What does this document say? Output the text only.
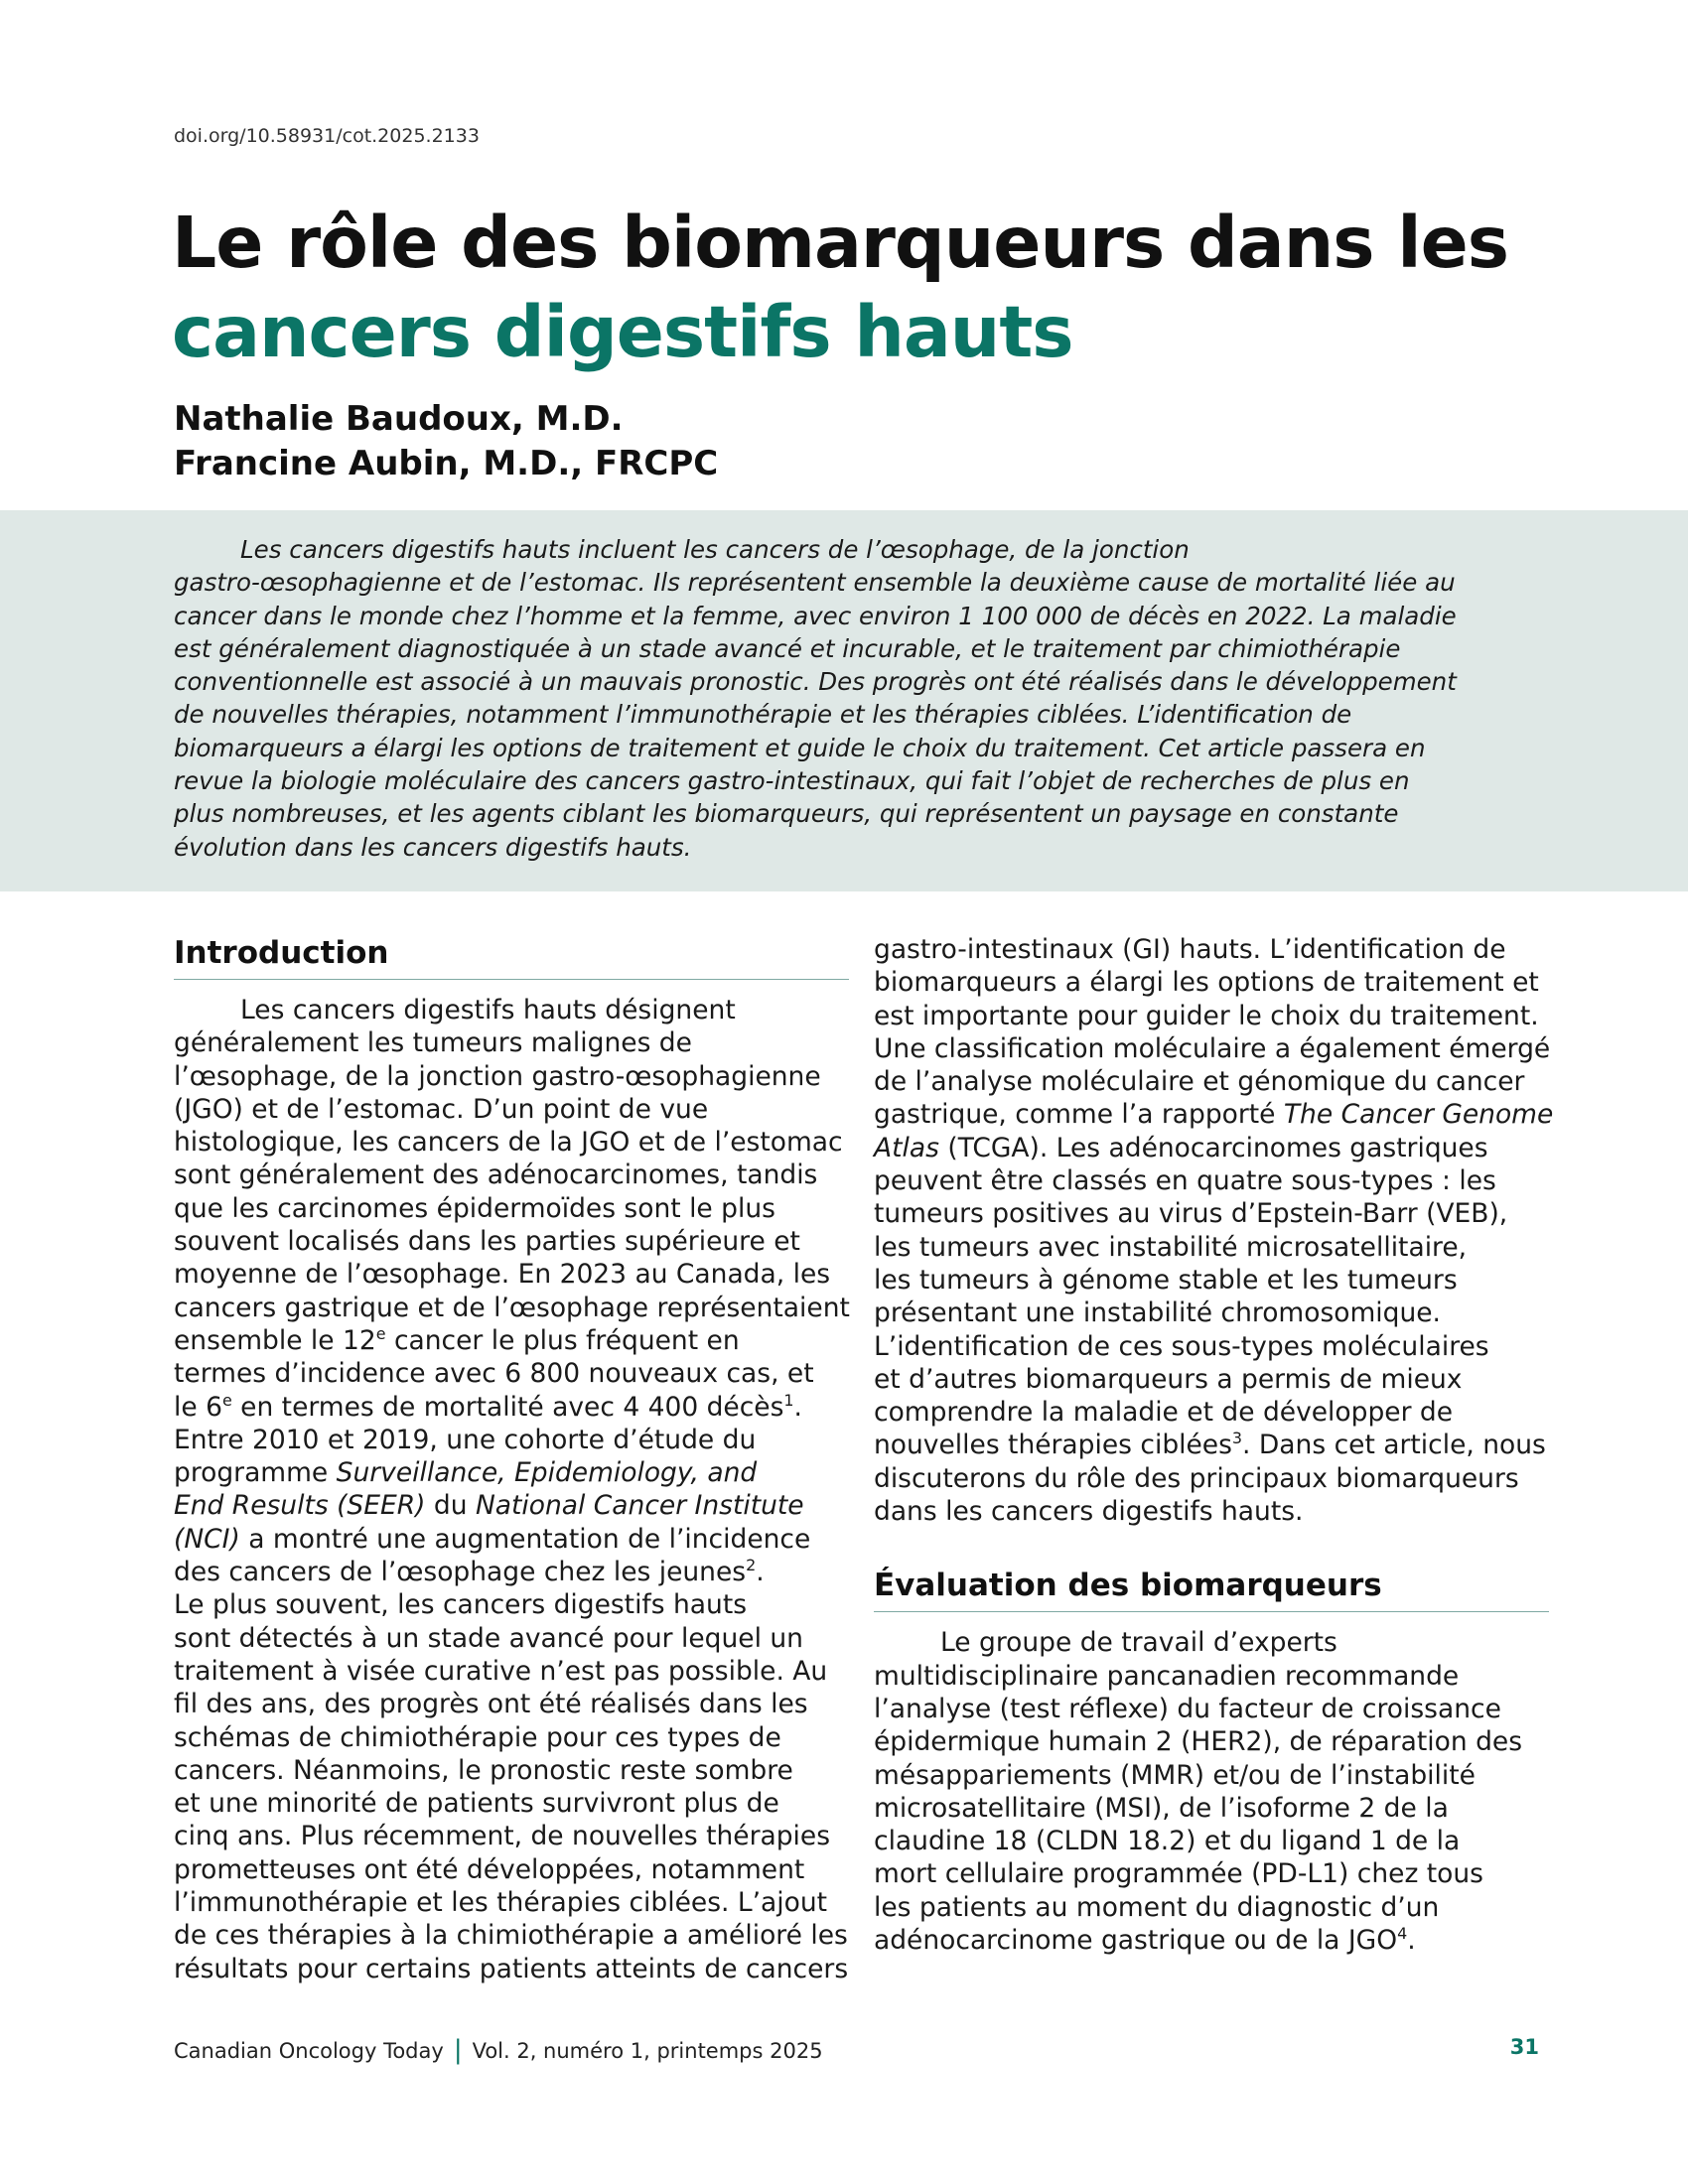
doi.org/10.58931/cot.2025.2133
Le rôle des biomarqueurs dans les
cancers digestifs hauts
Nathalie Baudoux, M.D.
Francine Aubin, M.D., FRCPC

Les cancers digestifs hauts incluent les cancers de l’œsophage, de la jonction
gastro-œsophagienne et de l’estomac. Ils représentent ensemble la deuxième cause de mortalité liée au
cancer dans le monde chez l’homme et la femme, avec environ 1 100 000 de décès en 2022. La maladie
est généralement diagnostiquée à un stade avancé et incurable, et le traitement par chimiothérapie
conventionnelle est associé à un mauvais pronostic. Des progrès ont été réalisés dans le développement
de nouvelles thérapies, notamment l’immunothérapie et les thérapies ciblées. L’identification de
biomarqueurs a élargi les options de traitement et guide le choix du traitement. Cet article passera en
revue la biologie moléculaire des cancers gastro-intestinaux, qui fait l’objet de recherches de plus en
plus nombreuses, et les agents ciblant les biomarqueurs, qui représentent un paysage en constante
évolution dans les cancers digestifs hauts.

Introduction
Les cancers digestifs hauts désignent
généralement les tumeurs malignes de
l’œsophage, de la jonction gastro-œsophagienne
(JGO) et de l’estomac. D’un point de vue
histologique, les cancers de la JGO et de l’estomac
sont généralement des adénocarcinomes, tandis
que les carcinomes épidermoïdes sont le plus
souvent localisés dans les parties supérieure et
moyenne de l’œsophage. En 2023 au Canada, les
cancers gastrique et de l’œsophage représentaient
ensemble le 12e cancer le plus fréquent en
termes d’incidence avec 6 800 nouveaux cas, et
le 6e en termes de mortalité avec 4 400 décès$^1$.
Entre 2010 et 2019, une cohorte d’étude du
programme Surveillance, Epidemiology, and
End Results (SEER) du National Cancer Institute
(NCI) a montré une augmentation de l’incidence
des cancers de l’œsophage chez les jeunes$^2$.
Le plus souvent, les cancers digestifs hauts
sont détectés à un stade avancé pour lequel un
traitement à visée curative n’est pas possible. Au
fil des ans, des progrès ont été réalisés dans les
schémas de chimiothérapie pour ces types de
cancers. Néanmoins, le pronostic reste sombre
et une minorité de patients survivront plus de
cinq ans. Plus récemment, de nouvelles thérapies
prometteuses ont été développées, notamment
l’immunothérapie et les thérapies ciblées. L’ajout
de ces thérapies à la chimiothérapie a amélioré les
résultats pour certains patients atteints de cancers
gastro-intestinaux (GI) hauts. L’identification de
biomarqueurs a élargi les options de traitement et
est importante pour guider le choix du traitement.
Une classification moléculaire a également émergé
de l’analyse moléculaire et génomique du cancer
gastrique, comme l’a rapporté The Cancer Genome
Atlas (TCGA). Les adénocarcinomes gastriques
peuvent être classés en quatre sous-types : les
tumeurs positives au virus d’Epstein-Barr (VEB),
les tumeurs avec instabilité microsatellitaire,
les tumeurs à génome stable et les tumeurs
présentant une instabilité chromosomique.
L’identification de ces sous-types moléculaires
et d’autres biomarqueurs a permis de mieux
comprendre la maladie et de développer de
nouvelles thérapies ciblées$^3$. Dans cet article, nous
discuterons du rôle des principaux biomarqueurs
dans les cancers digestifs hauts.
Évaluation des biomarqueurs
Le groupe de travail d’experts
multidisciplinaire pancanadien recommande
l’analyse (test réflexe) du facteur de croissance
épidermique humain 2 (HER2), de réparation des
mésappariements (MMR) et/ou de l’instabilité
microsatellitaire (MSI), de l’isoforme 2 de la
claudine 18 (CLDN 18.2) et du ligand 1 de la
mort cellulaire programmée (PD-L1) chez tous
les patients au moment du diagnostic d’un
adénocarcinome gastrique ou de la JGO$^4$.
Canadian Oncology Today | Vol. 2, numéro 1, printemps 2025	31
